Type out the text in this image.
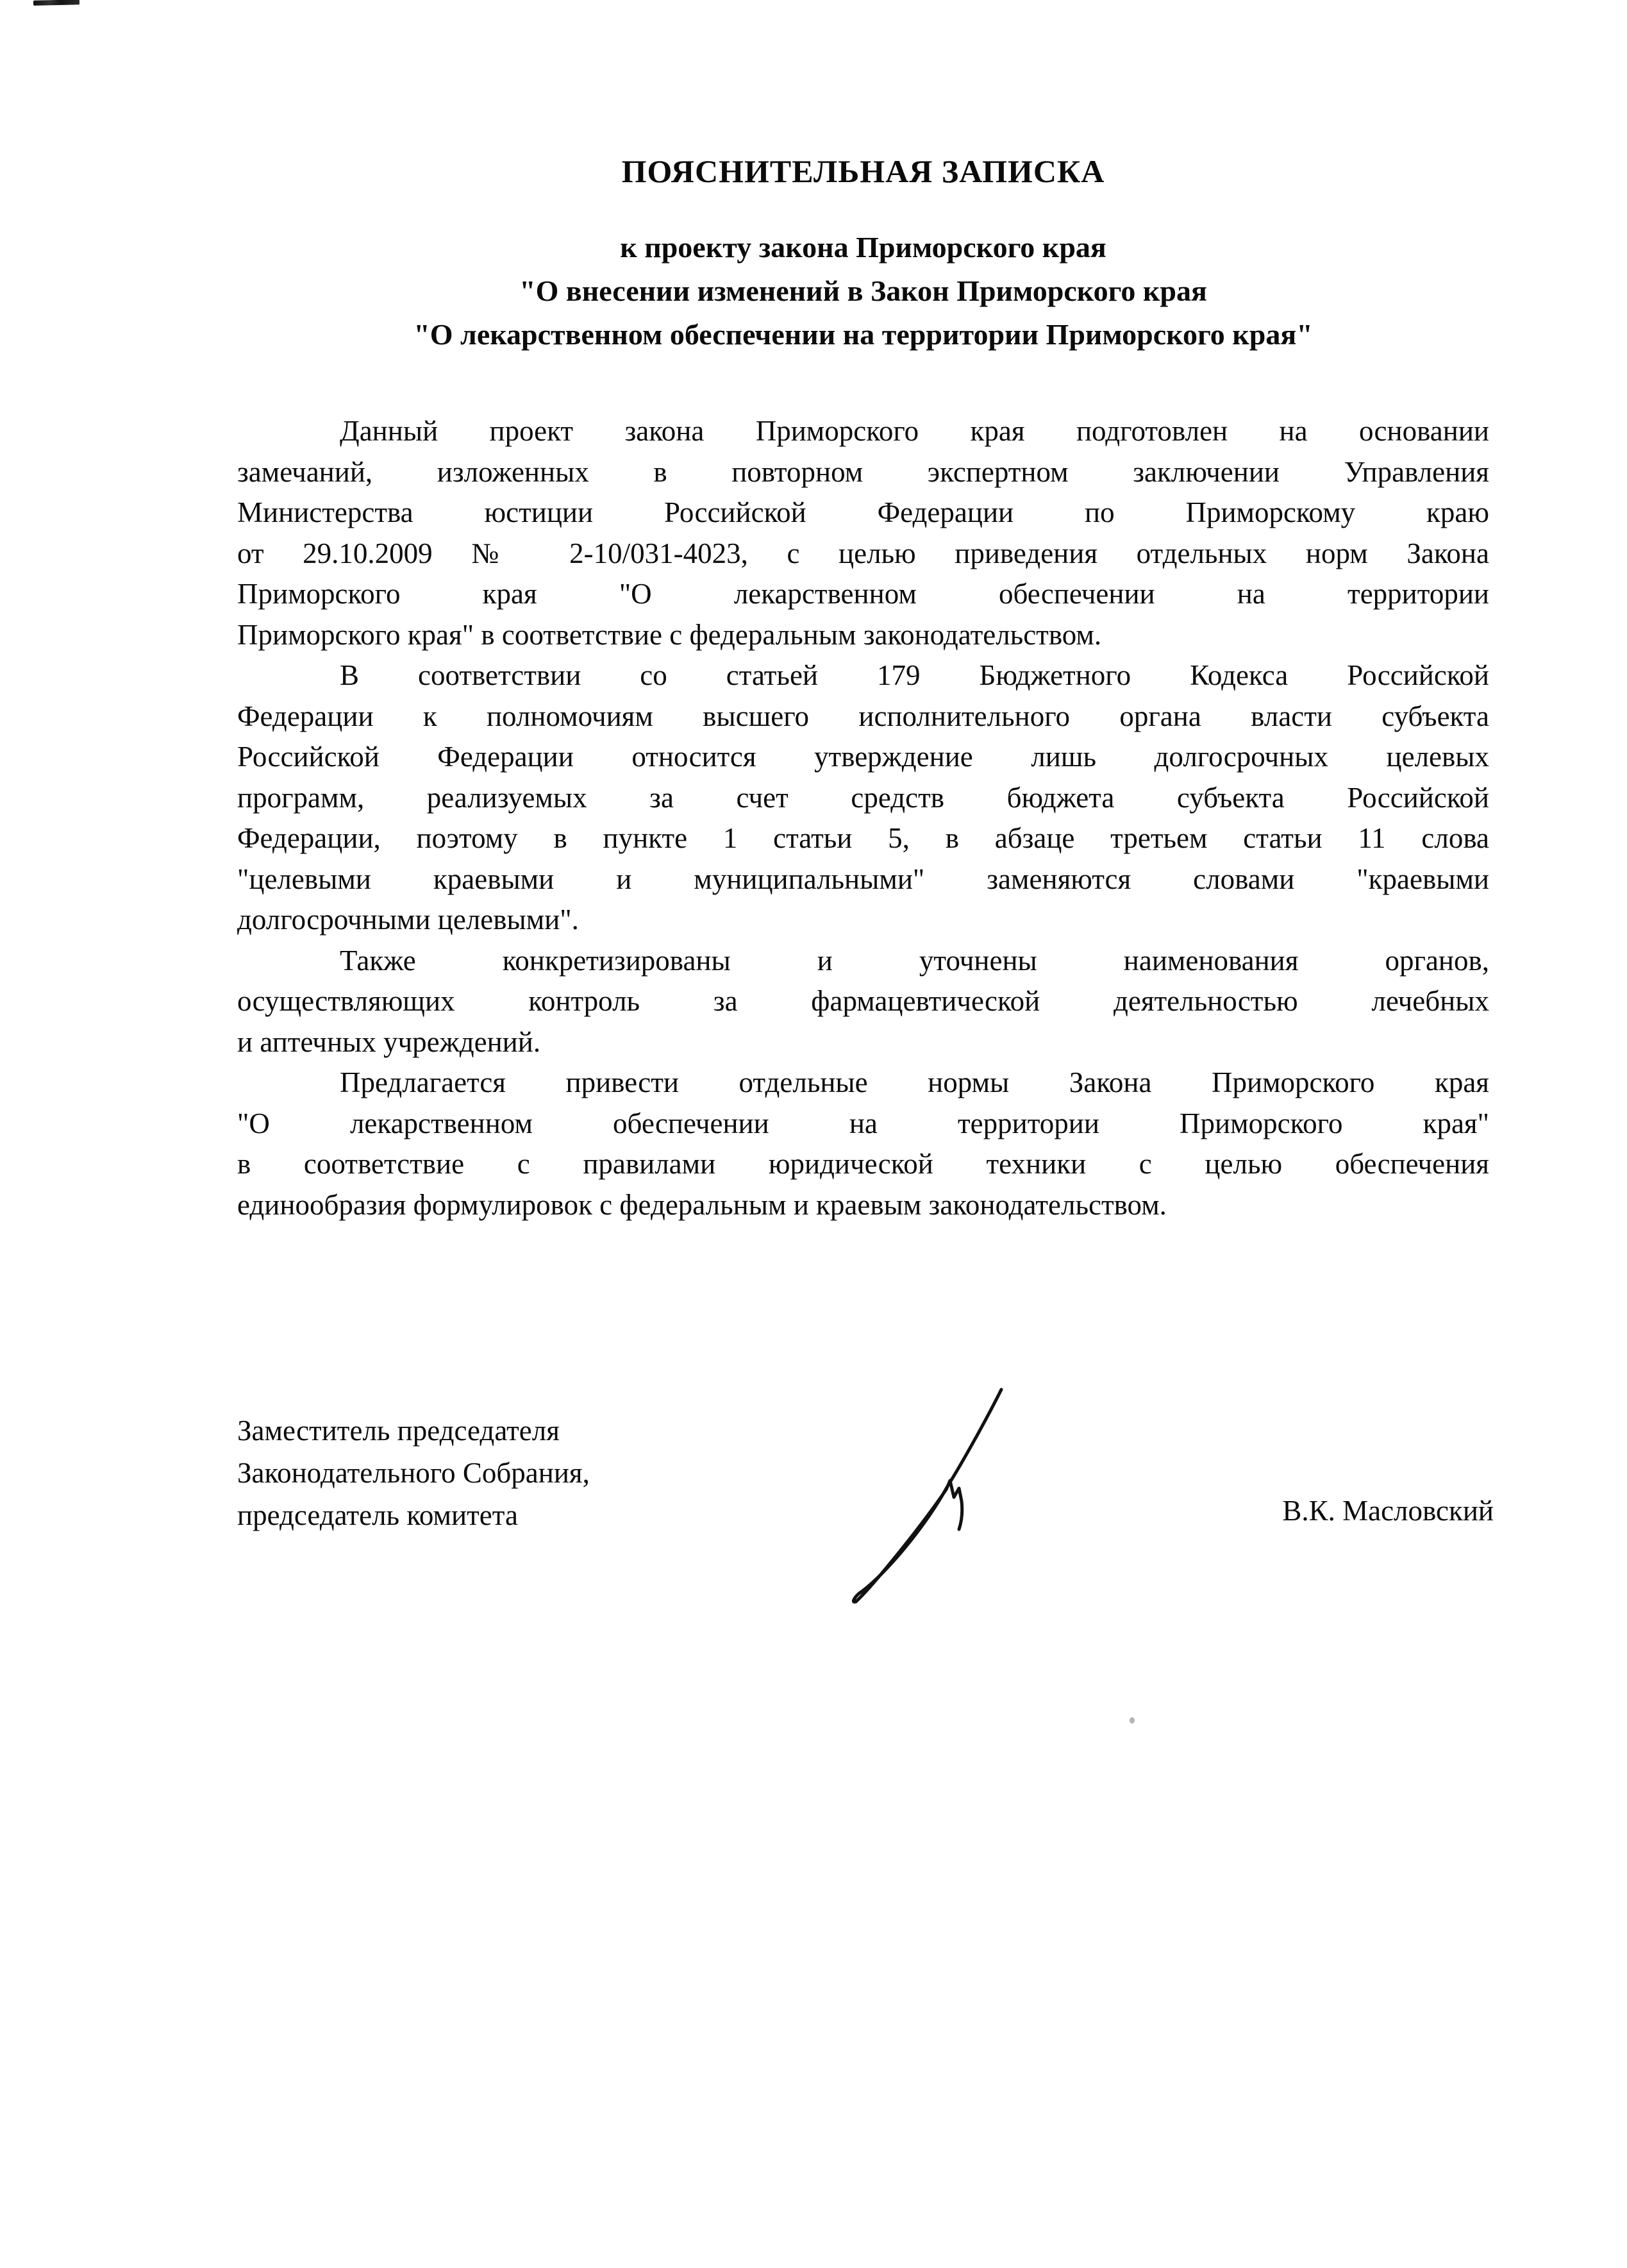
ПОЯСНИТЕЛЬНАЯ ЗАПИСКА
к проекту закона Приморского края
"О внесении изменений в Закон Приморского края
"О лекарственном обеспечении на территории Приморского края"
Данный проект закона Приморского края подготовлен на основании
замечаний, изложенных в повторном экспертном заключении Управления
Министерства юстиции Российской Федерации по Приморскому краю
от 29.10.2009 № 2-10/031-4023, с целью приведения отдельных норм Закона
Приморского края "О лекарственном обеспечении на территории
Приморского края" в соответствие с федеральным законодательством.
В соответствии со статьей 179 Бюджетного Кодекса Российской
Федерации к полномочиям высшего исполнительного органа власти субъекта
Российской Федерации относится утверждение лишь долгосрочных целевых
программ, реализуемых за счет средств бюджета субъекта Российской
Федерации, поэтому в пункте 1 статьи 5, в абзаце третьем статьи 11 слова
"целевыми краевыми и муниципальными" заменяются словами "краевыми
долгосрочными целевыми".
Также конкретизированы и уточнены наименования органов,
осуществляющих контроль за фармацевтической деятельностью лечебных
и аптечных учреждений.
Предлагается привести отдельные нормы Закона Приморского края
"О лекарственном обеспечении на территории Приморского края"
в соответствие с правилами юридической техники с целью обеспечения
единообразия формулировок с федеральным и краевым законодательством.
Заместитель председателя
Законодательного Собрания,
председатель комитета	В.К. Масловский
